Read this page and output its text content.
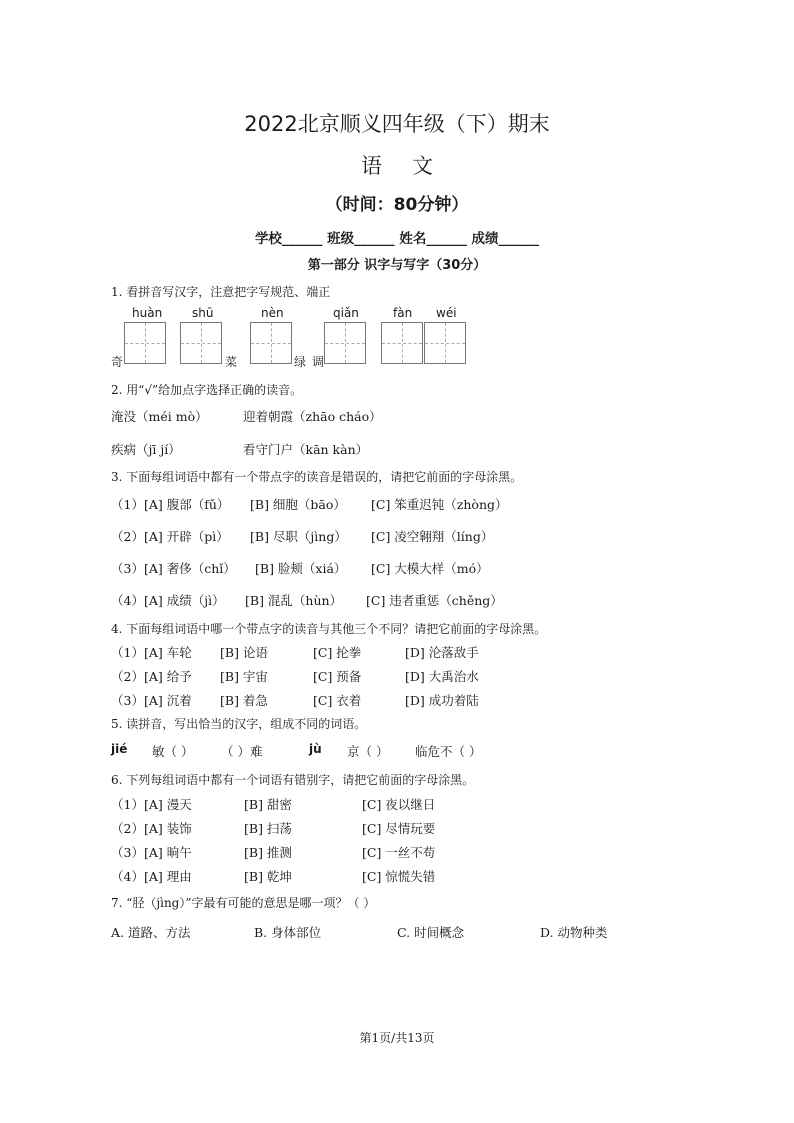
2022北京顺义四年级（下）期末
语文
（时间：80分钟）
学校______ 班级______ 姓名______ 成绩______
第一部分 识字与写字（30分）
1. 看拼音写汉字，注意把字写规范、端正
huàn shū	nèn	qiǎn	fàn wéi
奇	菜	绿 调
2. 用“√”给加点字选择正确的读音。
淹没（méi mò）	迎着朝霞（zhāo cháo）
疾病（jī jí）	看守门户（kān kàn）
3. 下面每组词语中都有一个带点字的读音是错误的，请把它前面的字母涂黑。
（1）[A] 腹部（fǔ） [B] 细胞（bāo） [C] 笨重迟钝（zhòng）
（2）[A] 开辟（pì） [B] 尽职（jìng） [C] 凌空翱翔（líng）
（3）[A] 奢侈（chǐ） [B] 脸颊（xiá） [C] 大模大样（mó）
（4）[A] 成绩（jì） [B] 混乱（hùn） [C] 违者重惩（chěng）
4. 下面每组词语中哪一个带点字的读音与其他三个不同？请把它前面的字母涂黑。
（1）[A] 车轮 [B] 论语	[C] 抡拳	[D] 沦落敌手
（2）[A] 给予 [B] 宇宙	[C] 预备	[D] 大禹治水
（3）[A] 沉着 [B] 着急	[C] 衣着	[D] 成功着陆
5. 读拼音，写出恰当的汉字，组成不同的词语。
jié 敏（ ） （ ）难	jù 京（ ） 临危不（ ）
6. 下列每组词语中都有一个词语有错别字，请把它前面的字母涂黑。
（1）[A] 漫天	[B] 甜密	[C] 夜以继日
（2）[A] 装饰	[B] 扫荡	[C] 尽情玩要
（3）[A] 晌午	[B] 推测	[C] 一丝不苟
（4）[A] 理由	[B] 乾坤	[C] 惊慌失错
7. “胫（jìng）”字最有可能的意思是哪一项？（ ）
A. 道路、方法	B. 身体部位	C. 时间概念	D. 动物种类
第1页/共13页
